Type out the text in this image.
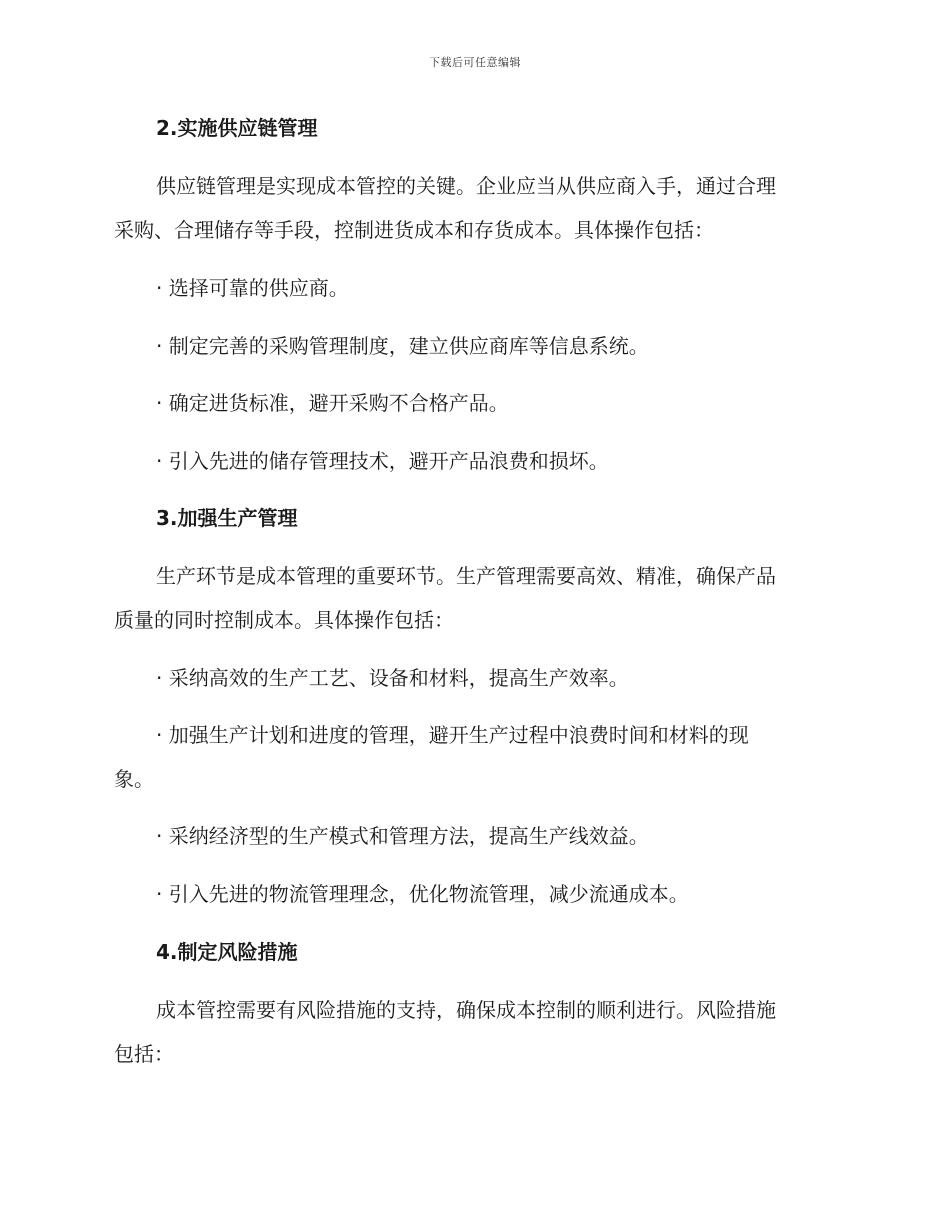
下载后可任意编辑
2.实施供应链管理
供应链管理是实现成本管控的关键。企业应当从供应商入手，通过合理
采购、合理储存等手段，控制进货成本和存货成本。具体操作包括：
· 选择可靠的供应商。
· 制定完善的采购管理制度，建立供应商库等信息系统。
· 确定进货标准，避开采购不合格产品。
· 引入先进的储存管理技术，避开产品浪费和损坏。
3.加强生产管理
生产环节是成本管理的重要环节。生产管理需要高效、精准，确保产品
质量的同时控制成本。具体操作包括：
· 采纳高效的生产工艺、设备和材料，提高生产效率。
· 加强生产计划和进度的管理，避开生产过程中浪费时间和材料的现
象。
· 采纳经济型的生产模式和管理方法，提高生产线效益。
· 引入先进的物流管理理念，优化物流管理，减少流通成本。
4.制定风险措施
成本管控需要有风险措施的支持，确保成本控制的顺利进行。风险措施
包括：
